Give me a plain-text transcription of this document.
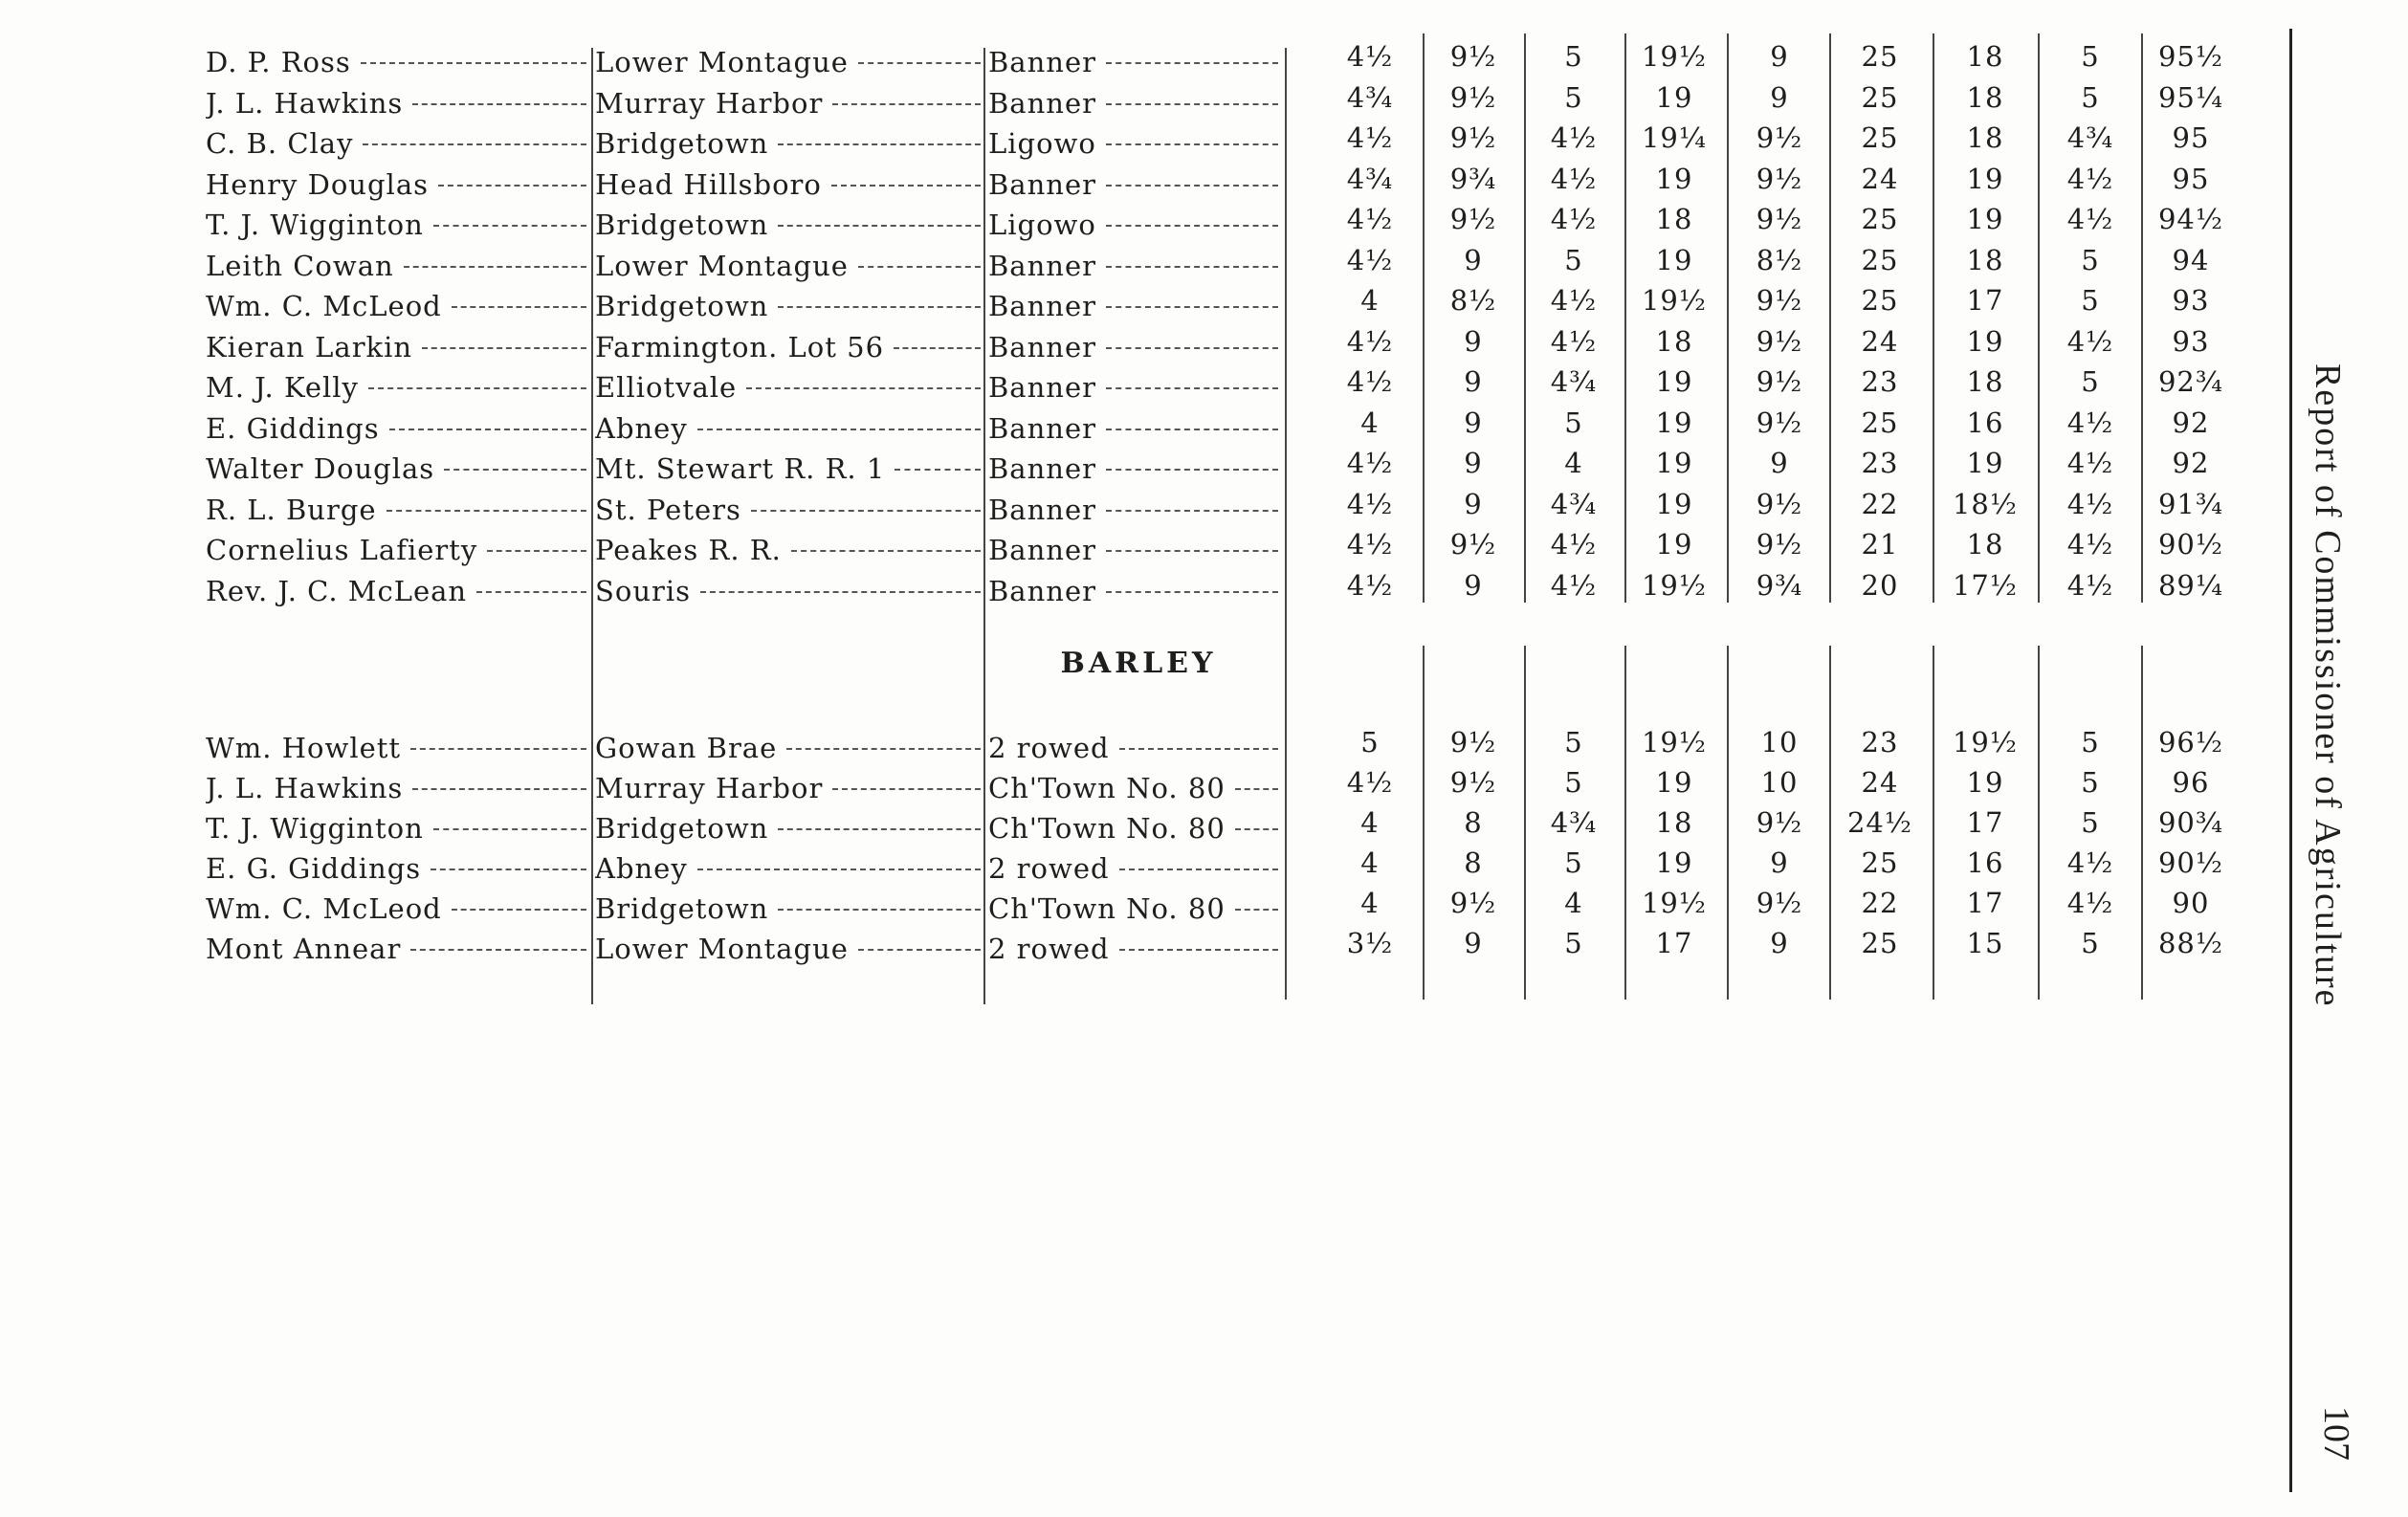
D. P. Ross	Lower Montague	Banner	4½	9½	5	19½	9	25	18	5	95½
J. L. Hawkins	Murray Harbor	Banner	4¾	9½	5	19	9	25	18	5	95¼
C. B. Clay	Bridgetown	Ligowo	4½	9½	4½	19¼	9½	25	18	4¾	95
Henry Douglas	Head Hillsboro	Banner	4¾	9¾	4½	19	9½	24	19	4½	95
T. J. Wigginton	Bridgetown	Ligowo	4½	9½	4½	18	9½	25	19	4½	94½
Leith Cowan	Lower Montague	Banner	4½	9	5	19	8½	25	18	5	94
Wm. C. McLeod	Bridgetown	Banner	4	8½	4½	19½	9½	25	17	5	93
Kieran Larkin	Farmington. Lot 56	Banner	4½	9	4½	18	9½	24	19	4½	93
M. J. Kelly	Elliotvale	Banner	4½	9	4¾	19	9½	23	18	5	92¾
E. Giddings	Abney	Banner	4	9	5	19	9½	25	16	4½	92
Walter Douglas	Mt. Stewart R. R. 1	Banner	4½	9	4	19	9	23	19	4½	92
R. L. Burge	St. Peters	Banner	4½	9	4¾	19	9½	22	18½	4½	91¾
Cornelius Lafierty	Peakes R. R.	Banner	4½	9½	4½	19	9½	21	18	4½	90½
Rev. J. C. McLean	Souris	Banner	4½	9	4½	19½	9¾	20	17½	4½	89¼
Wm. Howlett	Gowan Brae	2 rowed	5	9½	5	19½	10	23	19½	5	96½
J. L. Hawkins	Murray Harbor	Ch'Town No. 80	4½	9½	5	19	10	24	19	5	96
T. J. Wigginton	Bridgetown	Ch'Town No. 80	4	8	4¾	18	9½	24½	17	5	90¾
E. G. Giddings	Abney	2 rowed	4	8	5	19	9	25	16	4½	90½
Wm. C. McLeod	Bridgetown	Ch'Town No. 80	4	9½	4	19½	9½	22	17	4½	90
Mont Annear	Lower Montague	2 rowed	3½	9	5	17	9	25	15	5	88½
BARLEY	Report of Commissioner of Agriculture
107
